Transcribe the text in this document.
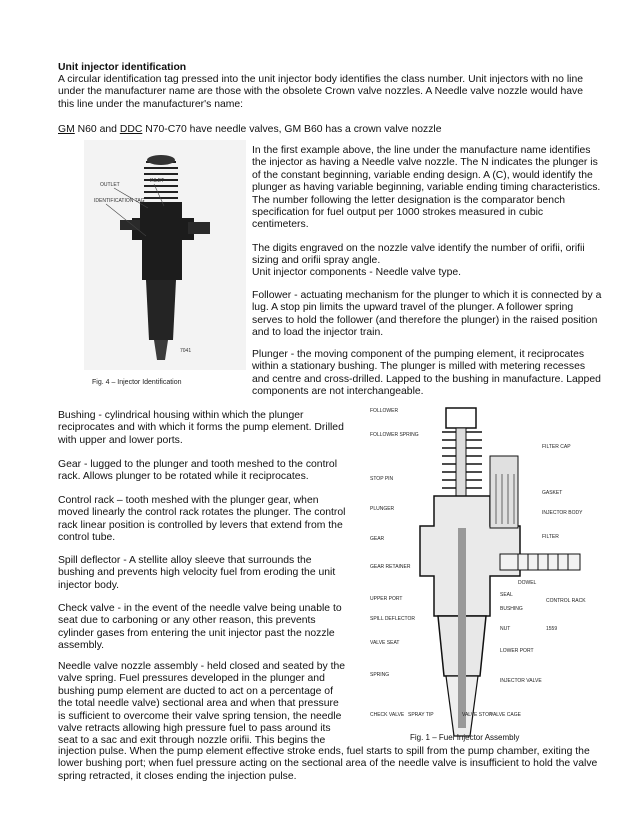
Unit injector identification

A circular identification tag pressed into the unit injector body identifies the class number. Unit injectors with no line under the manufacturer name are those with the obsolete Crown valve nozzles. A Needle valve nozzle would have this line under the manufacturer's name:

GM N60 and DDC N70-C70 have needle valves, GM B60 has a crown valve nozzle

OUTLET
INLET
IDENTIFICATION TAG
7041
Fig. 4 – Injector Identification

In the first example above, the line under the manufacture name identifies the injector as having a Needle valve nozzle. The N indicates the plunger is of the constant beginning, variable ending design. A (C), would identify the plunger as having variable beginning, variable ending timing characteristics. The number following the letter designation is the comparator bench specification for fuel output per 1000 strokes measured in cubic centimeters.

The digits engraved on the nozzle valve identify the number of orifii, orifii sizing and orifii spray angle.

Unit injector components - Needle valve type.

Follower - actuating mechanism for the plunger to which it is connected by a lug. A stop pin limits the upward travel of the plunger. A follower spring serves to hold the follower (and therefore the plunger) in the raised position and to load the injector train.

Plunger - the moving component of the pumping element, it reciprocates within a stationary bushing. The plunger is milled with metering recesses and centre and cross-drilled. Lapped to the bushing in manufacture. Lapped components are not interchangeable.

Bushing - cylindrical housing within which the plunger reciprocates and with which it forms the pump element. Drilled with upper and lower ports.

Gear - lugged to the plunger and tooth meshed to the control rack. Allows plunger to be rotated while it reciprocates.

Control rack – tooth meshed with the plunger gear, when moved linearly the control rack rotates the plunger. The control rack linear position is controlled by levers that extend from the control tube.

Spill deflector - A stellite alloy sleeve that surrounds the bushing and prevents high velocity fuel from eroding the unit injector body.

Check valve - in the event of the needle valve being unable to seat due to carboning or any other reason, this prevents cylinder gases from entering the unit injector past the nozzle assembly.

Needle valve nozzle assembly - held closed and seated by the valve spring. Fuel pressures developed in the plunger and bushing pump element are ducted to act on a percentage of the total needle valve) sectional area and when that pressure is sufficient to overcome their valve spring tension, the needle valve retracts allowing high pressure fuel to pass around its seat to a sac and exit through nozzle orifii. This begins the

FOLLOWER
FOLLOWER SPRING
STOP PIN
PLUNGER
GEAR
GEAR RETAINER
UPPER PORT
SPILL DEFLECTOR
VALVE SEAT
SPRING
CHECK VALVE SPRAY TIP
FILTER CAP
GASKET
INJECTOR BODY
FILTER
DOWEL
CONTROL RACK
SEAL
BUSHING
NUT
LOWER PORT
INJECTOR VALVE
VALVE STOP
VALVE CAGE
1559
Fig. 1 – Fuel Injector Assembly

injection pulse. When the pump element effective stroke ends, fuel starts to spill from the pump chamber, exiting the lower bushing port; when fuel pressure acting on the sectional area of the needle valve is insufficient to hold the valve spring retracted, it closes ending the injection pulse.
